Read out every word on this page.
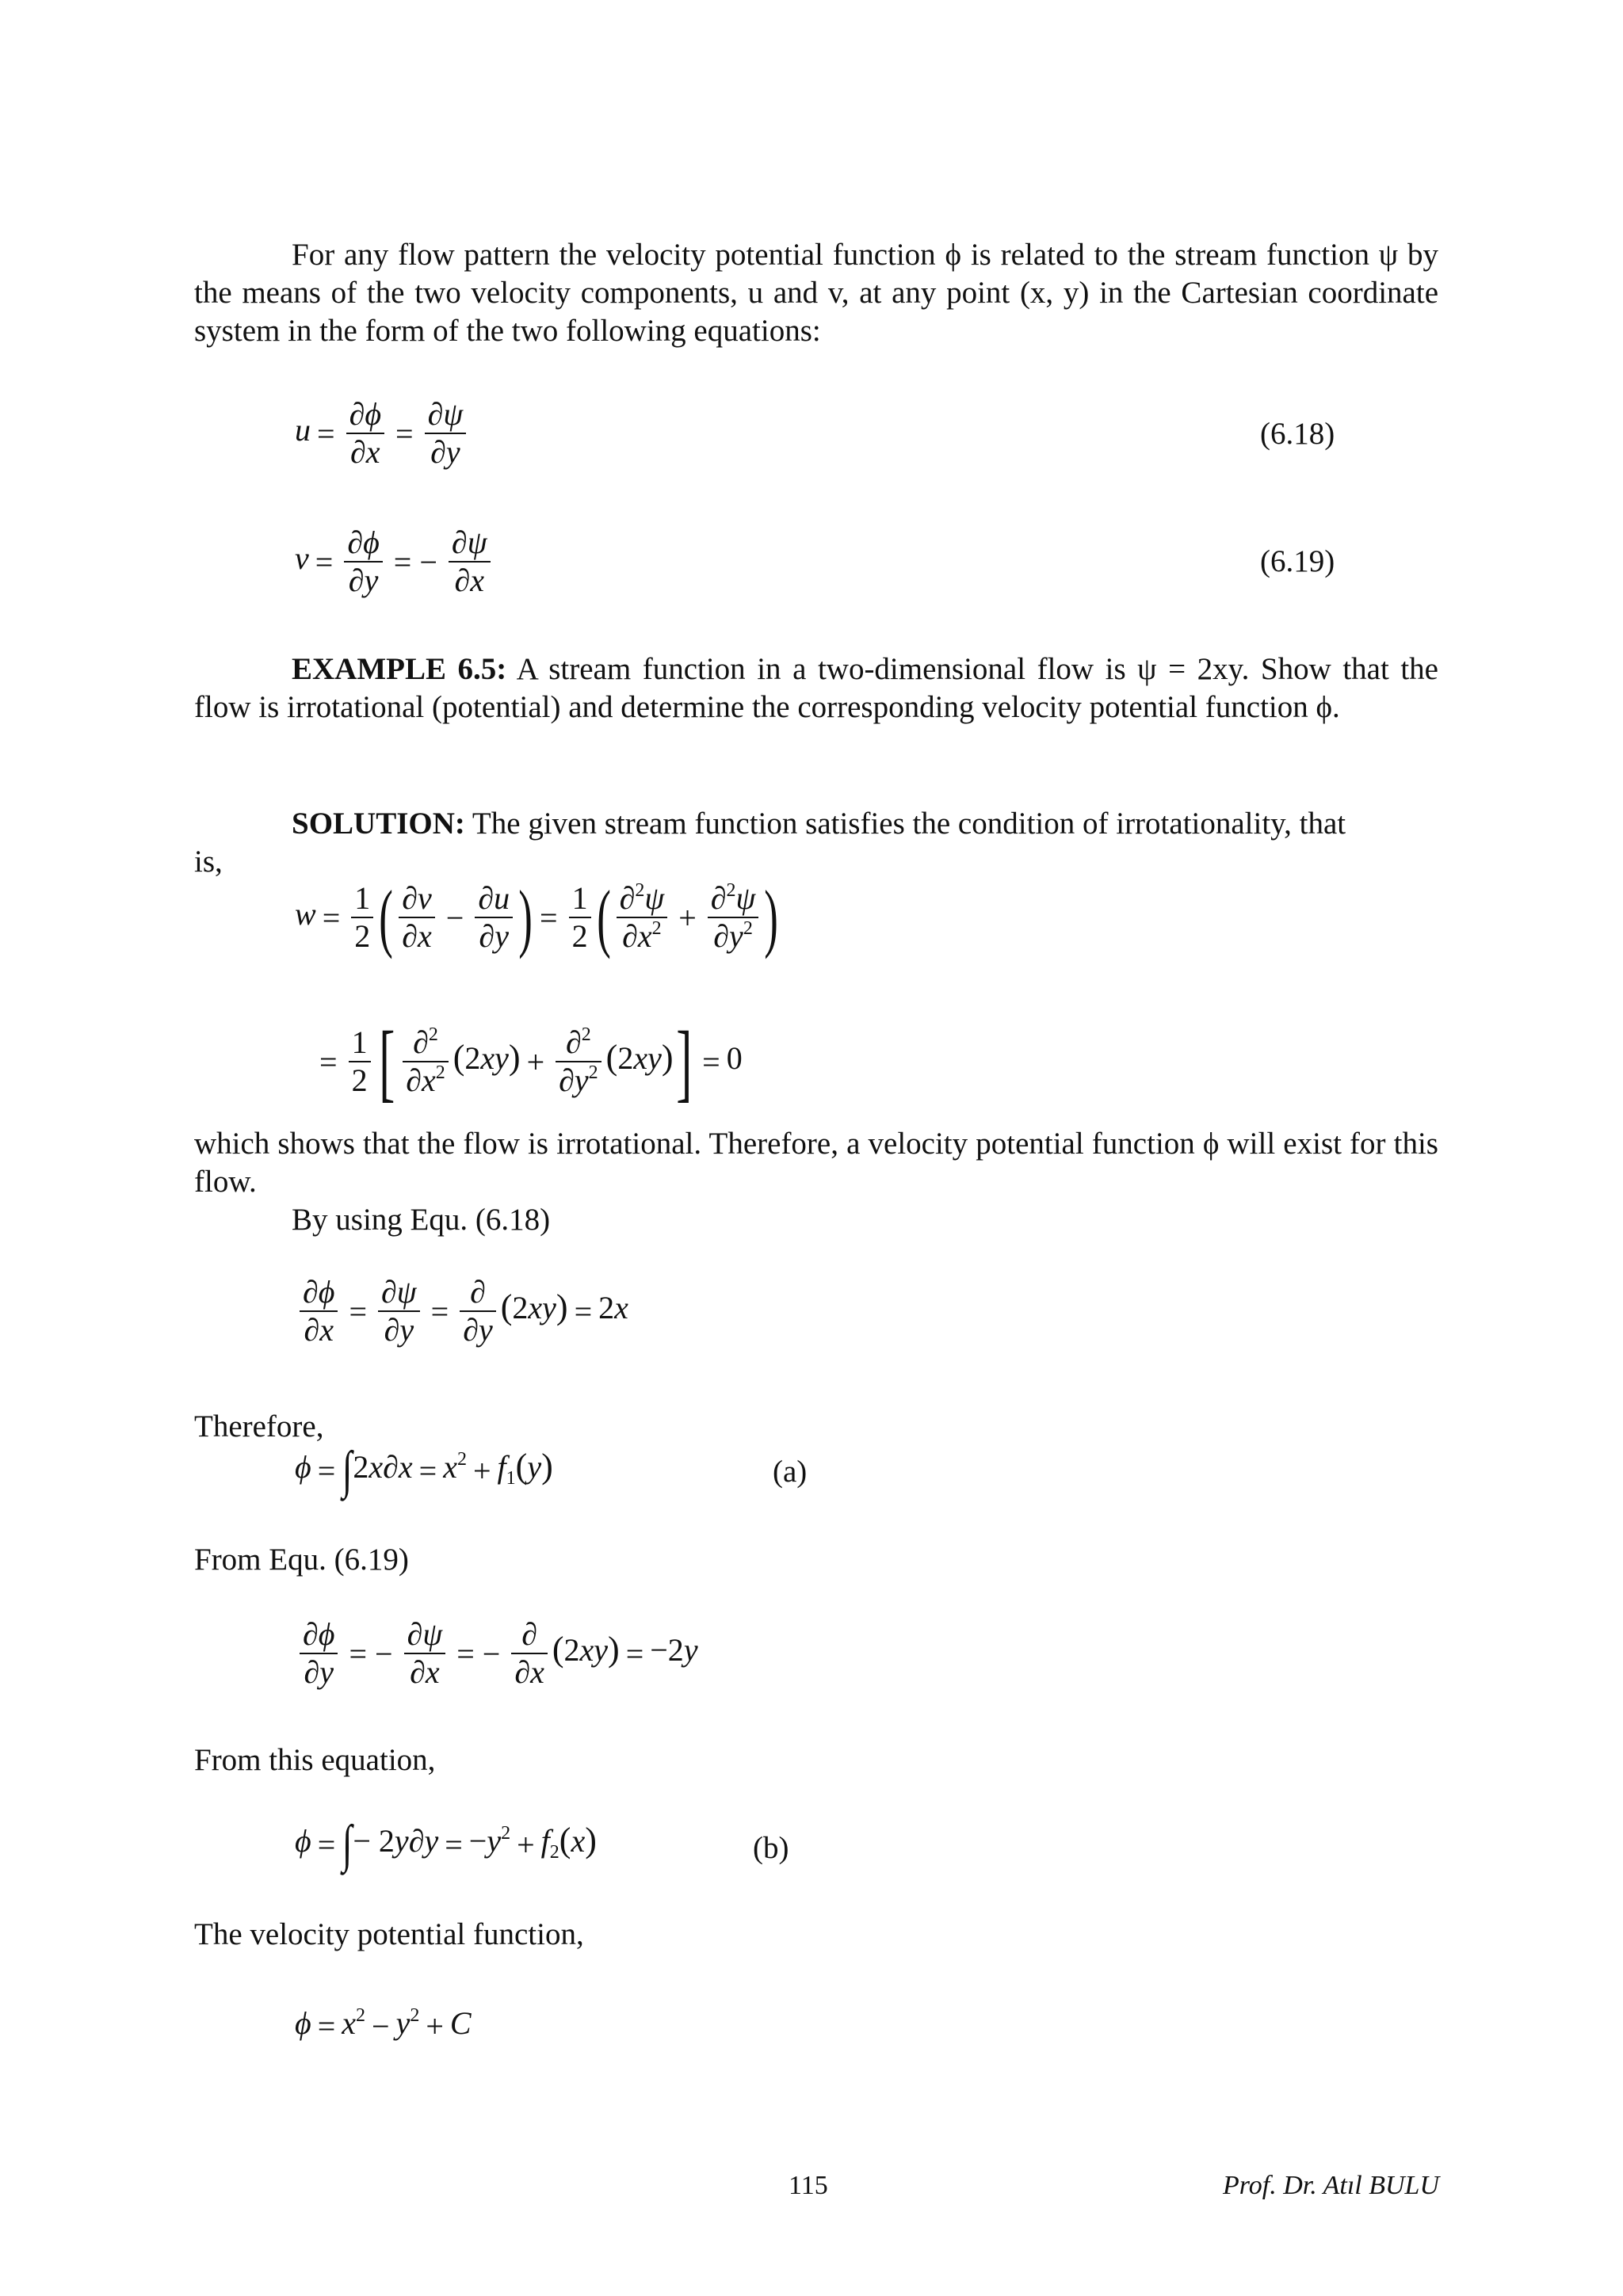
For any flow pattern the velocity potential function ϕ is related to the stream function ψ by the means of the two velocity components, u and v, at any point (x, y) in the Cartesian coordinate system in the form of the two following equations:
$u = \frac{\partial\phi}{\partial x} = \frac{\partial\psi}{\partial y}$	(6.18)
$v = \frac{\partial\phi}{\partial y}$ = − $\frac{\partial\psi}{\partial x}$	(6.19)
EXAMPLE 6.5: A stream function in a two-dimensional flow is ψ = 2xy. Show that the flow is irrotational (potential) and determine the corresponding velocity potential function ϕ.
SOLUTION: The given stream function satisfies the condition of irrotationality, that
is,
$w = \frac{1}{2}$ ( $\frac{\partial v}{\partial x} - \frac{\partial u}{\partial y}$ ) = $\frac{1}{2}$ ( $\frac{\partial^2\psi}{\partial x^2} + \frac{\partial^2\psi}{\partial y^2}$ )
= $\frac{1}{2}$ [ $\frac{\partial^2}{\partial x^2} (2xy) + \frac{\partial^2}{\partial y^2} (2xy)] = 0$
which shows that the flow is irrotational. Therefore, a velocity potential function ϕ will exist for this flow.
By using Equ. (6.18)
$\frac{\partial\phi}{\partial x} = \frac{\partial\psi}{\partial y} = \frac{\partial}{\partial y} (2xy) = 2x$
Therefore,
$\phi = \int 2x\partial x = x^2 + f_1(y)$	(a)
From Equ. (6.19)
$\frac{\partial\phi}{\partial y}$ = − $\frac{\partial\psi}{\partial x}$ = − $\frac{\partial}{\partial x} (2xy) = -2y$
From this equation,
ϕ = ∫− $2y\partial y = -y^2 + f_2(x)$	(b)
The velocity potential function,
$\phi = x^2 - y^2 + C$
115	Prof. Dr. Atıl BULU
